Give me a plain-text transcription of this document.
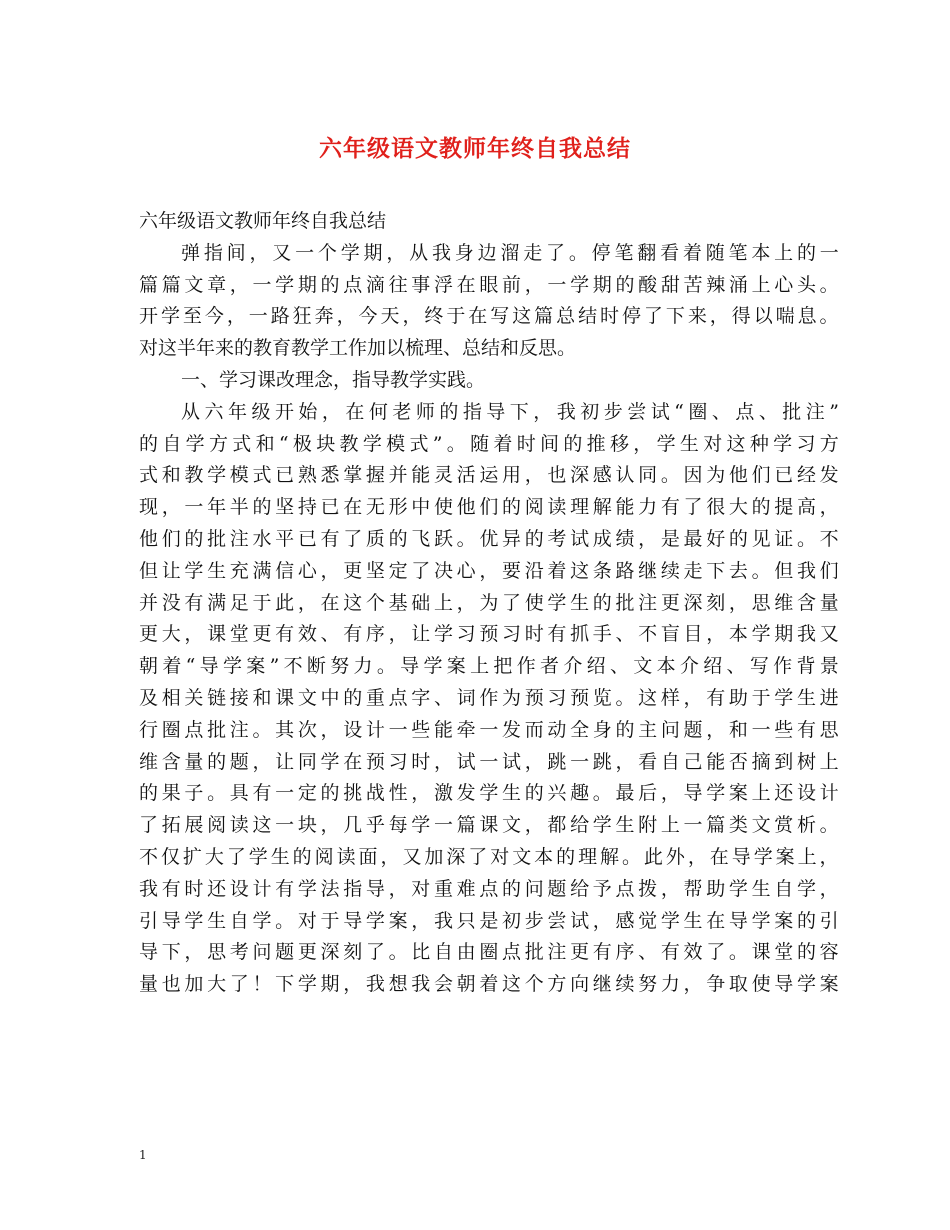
六年级语文教师年终自我总结
六年级语文教师年终自我总结
弹 指 间 ， 又 一 个 学 期 ， 从 我 身 边 溜 走 了 。 停 笔 翻 看 着 随 笔 本 上 的 一
篇 篇 文 章 ， 一 学 期 的 点 滴 往 事 浮 在 眼 前 ， 一 学 期 的 酸 甜 苦 辣 涌 上 心 头 。
开 学 至 今 ， 一 路 狂 奔 ， 今 天 ， 终 于 在 写 这 篇 总 结 时 停 了 下 来 ， 得 以 喘 息 。
对这半年来的教育教学工作加以梳理、总结和反思。
一、学习课改理念，指导教学实践。
从 六 年 级 开 始 ， 在 何 老 师 的 指 导 下 ， 我 初 步 尝 试 “ 圈 、 点 、 批 注 ”
的 自 学 方 式 和 “ 极 块 教 学 模 式 ” 。 随 着 时 间 的 推 移 ， 学 生 对 这 种 学 习 方
式 和 教 学 模 式 已 熟 悉 掌 握 并 能 灵 活 运 用 ， 也 深 感 认 同 。 因 为 他 们 已 经 发
现 ， 一 年 半 的 坚 持 已 在 无 形 中 使 他 们 的 阅 读 理 解 能 力 有 了 很 大 的 提 高 ，
他 们 的 批 注 水 平 已 有 了 质 的 飞 跃 。 优 异 的 考 试 成 绩 ， 是 最 好 的 见 证 。 不
但 让 学 生 充 满 信 心 ， 更 坚 定 了 决 心 ， 要 沿 着 这 条 路 继 续 走 下 去 。 但 我 们
并 没 有 满 足 于 此 ， 在 这 个 基 础 上 ， 为 了 使 学 生 的 批 注 更 深 刻 ， 思 维 含 量
更 大 ， 课 堂 更 有 效 、 有 序 ， 让 学 习 预 习 时 有 抓 手 、 不 盲 目 ， 本 学 期 我 又
朝 着 “ 导 学 案 ” 不 断 努 力 。 导 学 案 上 把 作 者 介 绍 、 文 本 介 绍 、 写 作 背 景
及 相 关 链 接 和 课 文 中 的 重 点 字 、 词 作 为 预 习 预 览 。 这 样 ， 有 助 于 学 生 进
行 圈 点 批 注 。 其 次 ， 设 计 一 些 能 牵 一 发 而 动 全 身 的 主 问 题 ， 和 一 些 有 思
维 含 量 的 题 ， 让 同 学 在 预 习 时 ， 试 一 试 ， 跳 一 跳 ， 看 自 己 能 否 摘 到 树 上
的 果 子 。 具 有 一 定 的 挑 战 性 ， 激 发 学 生 的 兴 趣 。 最 后 ， 导 学 案 上 还 设 计
了 拓 展 阅 读 这 一 块 ， 几 乎 每 学 一 篇 课 文 ， 都 给 学 生 附 上 一 篇 类 文 赏 析 。
不 仅 扩 大 了 学 生 的 阅 读 面 ， 又 加 深 了 对 文 本 的 理 解 。 此 外 ， 在 导 学 案 上 ，
我 有 时 还 设 计 有 学 法 指 导 ， 对 重 难 点 的 问 题 给 予 点 拨 ， 帮 助 学 生 自 学 ，
引 导 学 生 自 学 。 对 于 导 学 案 ， 我 只 是 初 步 尝 试 ， 感 觉 学 生 在 导 学 案 的 引
导 下 ， 思 考 问 题 更 深 刻 了 。 比 自 由 圈 点 批 注 更 有 序 、 有 效 了 。 课 堂 的 容
量 也 加 大 了 ！ 下 学 期 ， 我 想 我 会 朝 着 这 个 方 向 继 续 努 力 ， 争 取 使 导 学 案
1
